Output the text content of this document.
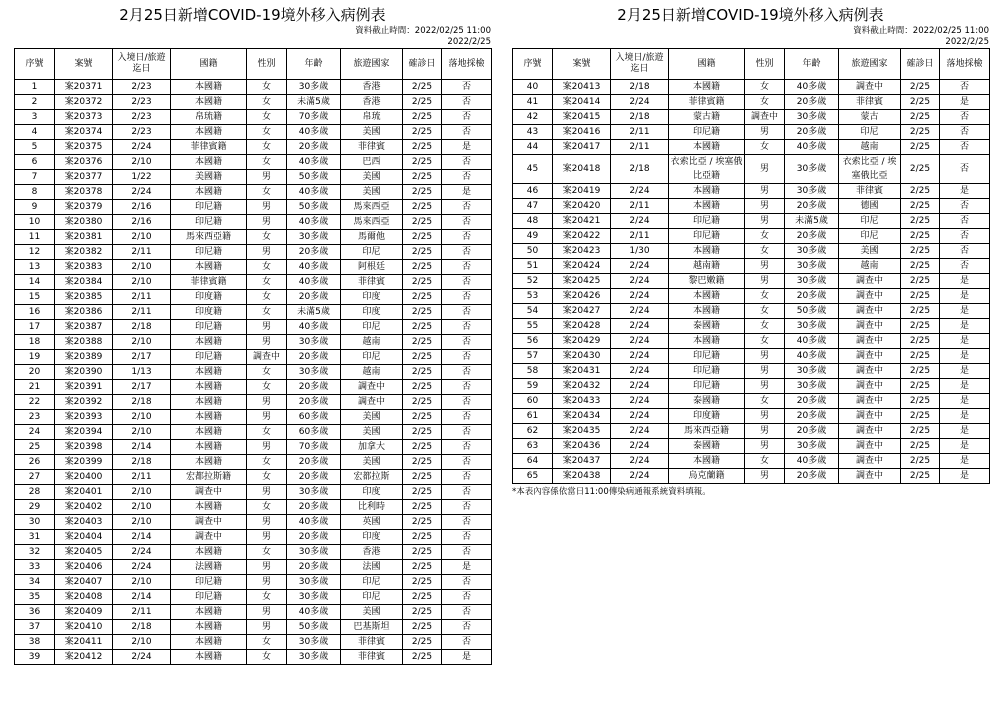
2月25日新增COVID-19境外移入病例表
資料截止時間：2022/02/25 11:00
2022/2/25
序號	案號	入境日/旅遊迄日	國籍	性別	年齡	旅遊國家	確診日	落地採檢
1	案20371	2/23	本國籍	女	30多歲	香港	2/25	否
2	案20372	2/23	本國籍	女	未滿5歲	香港	2/25	否
3	案20373	2/23	帛琉籍	女	70多歲	帛琉	2/25	否
4	案20374	2/23	本國籍	女	40多歲	美國	2/25	否
5	案20375	2/24	菲律賓籍	女	20多歲	菲律賓	2/25	是
6	案20376	2/10	本國籍	女	40多歲	巴西	2/25	否
7	案20377	1/22	美國籍	男	50多歲	美國	2/25	否
8	案20378	2/24	本國籍	女	40多歲	美國	2/25	是
9	案20379	2/16	印尼籍	男	50多歲	馬來西亞	2/25	否
10	案20380	2/16	印尼籍	男	40多歲	馬來西亞	2/25	否
11	案20381	2/10	馬來西亞籍	女	30多歲	馬爾他	2/25	否
12	案20382	2/11	印尼籍	男	20多歲	印尼	2/25	否
13	案20383	2/10	本國籍	女	40多歲	阿根廷	2/25	否
14	案20384	2/10	菲律賓籍	女	40多歲	菲律賓	2/25	否
15	案20385	2/11	印度籍	女	20多歲	印度	2/25	否
16	案20386	2/11	印度籍	女	未滿5歲	印度	2/25	否
17	案20387	2/18	印尼籍	男	40多歲	印尼	2/25	否
18	案20388	2/10	本國籍	男	30多歲	越南	2/25	否
19	案20389	2/17	印尼籍	調查中	20多歲	印尼	2/25	否
20	案20390	1/13	本國籍	女	30多歲	越南	2/25	否
21	案20391	2/17	本國籍	女	20多歲	調查中	2/25	否
22	案20392	2/18	本國籍	男	20多歲	調查中	2/25	否
23	案20393	2/10	本國籍	男	60多歲	美國	2/25	否
24	案20394	2/10	本國籍	女	60多歲	美國	2/25	否
25	案20398	2/14	本國籍	男	70多歲	加拿大	2/25	否
26	案20399	2/18	本國籍	女	20多歲	美國	2/25	否
27	案20400	2/11	宏都拉斯籍	女	20多歲	宏都拉斯	2/25	否
28	案20401	2/10	調查中	男	30多歲	印度	2/25	否
29	案20402	2/10	本國籍	女	20多歲	比利時	2/25	否
30	案20403	2/10	調查中	男	40多歲	英國	2/25	否
31	案20404	2/14	調查中	男	20多歲	印度	2/25	否
32	案20405	2/24	本國籍	女	30多歲	香港	2/25	否
33	案20406	2/24	法國籍	男	20多歲	法國	2/25	是
34	案20407	2/10	印尼籍	男	30多歲	印尼	2/25	否
35	案20408	2/14	印尼籍	女	30多歲	印尼	2/25	否
36	案20409	2/11	本國籍	男	40多歲	美國	2/25	否
37	案20410	2/18	本國籍	男	50多歲	巴基斯坦	2/25	否
38	案20411	2/10	本國籍	女	30多歲	菲律賓	2/25	否
39	案20412	2/24	本國籍	女	30多歲	菲律賓	2/25	是
2月25日新增COVID-19境外移入病例表
資料截止時間：2022/02/25 11:00
2022/2/25
序號	案號	入境日/旅遊迄日	國籍	性別	年齡	旅遊國家	確診日	落地採檢
40	案20413	2/18	本國籍	女	40多歲	調查中	2/25	否
41	案20414	2/24	菲律賓籍	女	20多歲	菲律賓	2/25	是
42	案20415	2/18	蒙古籍	調查中	30多歲	蒙古	2/25	否
43	案20416	2/11	印尼籍	男	20多歲	印尼	2/25	否
44	案20417	2/11	本國籍	女	40多歲	越南	2/25	否
45	案20418	2/18	衣索比亞 / 埃塞俄比亞籍	男	30多歲	衣索比亞 / 埃塞俄比亞	2/25	否
46	案20419	2/24	本國籍	男	30多歲	菲律賓	2/25	是
47	案20420	2/11	本國籍	男	20多歲	德國	2/25	否
48	案20421	2/24	印尼籍	男	未滿5歲	印尼	2/25	否
49	案20422	2/11	印尼籍	女	20多歲	印尼	2/25	否
50	案20423	1/30	本國籍	女	30多歲	美國	2/25	否
51	案20424	2/24	越南籍	男	30多歲	越南	2/25	否
52	案20425	2/24	黎巴嫩籍	男	30多歲	調查中	2/25	是
53	案20426	2/24	本國籍	女	20多歲	調查中	2/25	是
54	案20427	2/24	本國籍	女	50多歲	調查中	2/25	是
55	案20428	2/24	泰國籍	女	30多歲	調查中	2/25	是
56	案20429	2/24	本國籍	女	40多歲	調查中	2/25	是
57	案20430	2/24	印尼籍	男	40多歲	調查中	2/25	是
58	案20431	2/24	印尼籍	男	30多歲	調查中	2/25	是
59	案20432	2/24	印尼籍	男	30多歲	調查中	2/25	是
60	案20433	2/24	泰國籍	女	20多歲	調查中	2/25	是
61	案20434	2/24	印度籍	男	20多歲	調查中	2/25	是
62	案20435	2/24	馬來西亞籍	男	20多歲	調查中	2/25	是
63	案20436	2/24	泰國籍	男	30多歲	調查中	2/25	是
64	案20437	2/24	本國籍	女	40多歲	調查中	2/25	是
65	案20438	2/24	烏克蘭籍	男	20多歲	調查中	2/25	是
*本表內容係依當日11:00傳染病通報系統資料填報。
